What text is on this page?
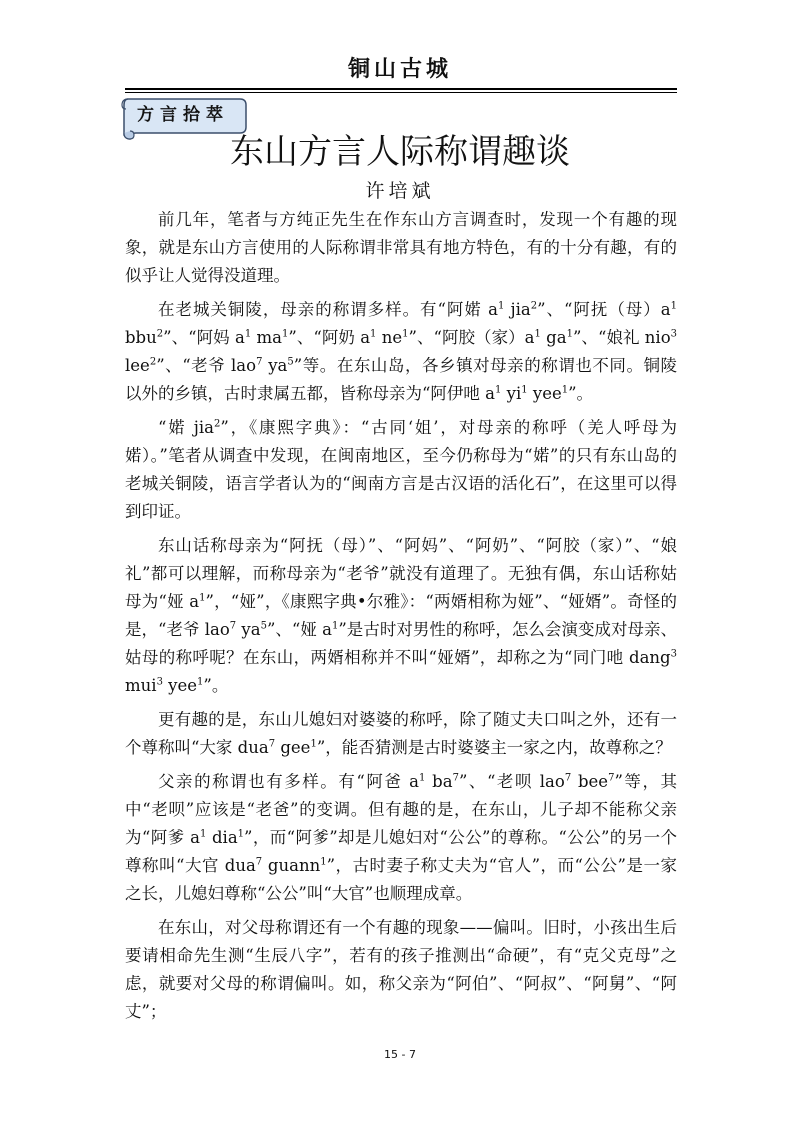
铜山古城
方言拾萃
东山方言人际称谓趣谈
许培斌

前几年，笔者与方纯正先生在作东山方言调查时，发现一个有趣的现象，就是东山方言使用的人际称谓非常具有地方特色，有的十分有趣，有的似乎让人觉得没道理。

在老城关铜陵，母亲的称谓多样。有“阿婼 $a^1$ jia$^2$”、“阿抚（母）$a^1$ bbu$^2$”、“阿妈 $a^1$ $ma^1$”、“阿奶 $a^1$ $ne^1$”、“阿胶（家）$a^1$ $ga^1$”、“娘礼 nio$^3$ lee$^2$”、“老爷 lao$^7$ $ya^5$”等。在东山岛，各乡镇对母亲的称谓也不同。铜陵以外的乡镇，古时隶属五都，皆称母亲为“阿伊吔 $a^1$ $yi^1$ yee$^1$”。

“婼 jia$^2$”，《康熙字典》：“古同‘姐’，对母亲的称呼（羌人呼母为婼）。”笔者从调查中发现，在闽南地区，至今仍称母为“婼”的只有东山岛的老城关铜陵，语言学者认为的“闽南方言是古汉语的活化石”，在这里可以得到印证。

东山话称母亲为“阿抚（母）”、“阿妈”、“阿奶”、“阿胶（家）”、“娘礼”都可以理解，而称母亲为“老爷”就没有道理了。无独有偶，东山话称姑母为“娅 $a^1$”，“娅”，《康熙字典•尔雅》：“两婿相称为娅”、“娅婿”。奇怪的是，“老爷 lao$^7$ $ya^5$”、“娅 $a^1$”是古时对男性的称呼，怎么会演变成对母亲、姑母的称呼呢？在东山，两婿相称并不叫“娅婿”，却称之为“同门吔 dang$^3$ mui$^3$ yee$^1$”。

更有趣的是，东山儿媳妇对婆婆的称呼，除了随丈夫口叫之外，还有一个尊称叫“大家 dua$^7$ gee$^1$”，能否猜测是古时婆婆主一家之内，故尊称之？

父亲的称谓也有多样。有“阿爸 $a^1$ $ba^7$”、“老呗 lao$^7$ bee$^7$”等，其中“老呗”应该是“老爸”的变调。但有趣的是，在东山，儿子却不能称父亲为“阿爹 $a^1$ dia$^1$”，而“阿爹”却是儿媳妇对“公公”的尊称。“公公”的另一个尊称叫“大官 dua$^7$ guann$^1$”，古时妻子称丈夫为“官人”，而“公公”是一家之长，儿媳妇尊称“公公”叫“大官”也顺理成章。

在东山，对父母称谓还有一个有趣的现象——偏叫。旧时，小孩出生后要请相命先生测“生辰八字”，若有的孩子推测出“命硬”，有“克父克母”之虑，就要对父母的称谓偏叫。如，称父亲为“阿伯”、“阿叔”、“阿舅”、“阿丈”；

15 - 7
